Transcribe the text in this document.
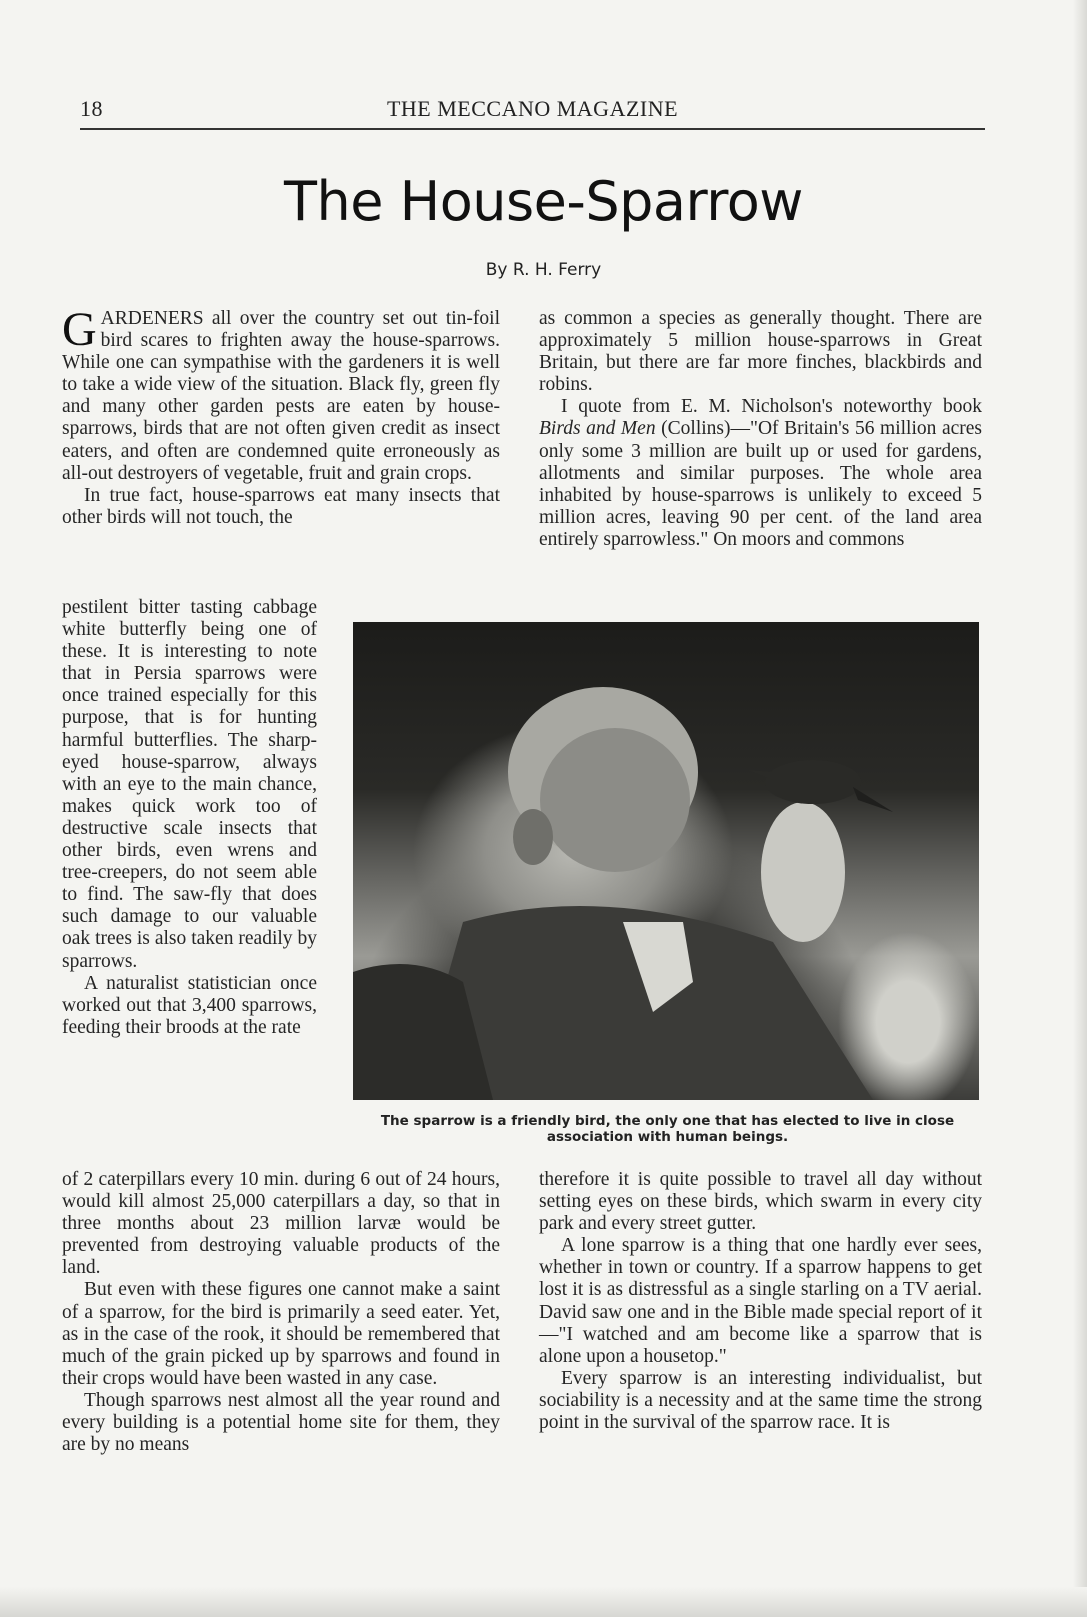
18	THE MECCANO MAGAZINE
The House-Sparrow
By R. H. Ferry

GARDENERS all over the country set out tin-foil bird scares to frighten away the house-sparrows. While one can sympathise with the gardeners it is well to take a wide view of the situation. Black fly, green fly and many other garden pests are eaten by house-sparrows, birds that are not often given credit as insect eaters, and often are condemned quite erroneously as all-out destroyers of vegetable, fruit and grain crops.

In true fact, house-sparrows eat many insects that other birds will not touch, the

pestilent bitter tasting cabbage white butterfly being one of these. It is interesting to note that in Persia sparrows were once trained especially for this purpose, that is for hunting harmful butterflies. The sharp-eyed house-sparrow, always with an eye to the main chance, makes quick work too of destructive scale insects that other birds, even wrens and tree-creepers, do not seem able to find. The saw-fly that does such damage to our valuable oak trees is also taken readily by sparrows.

A naturalist statistician once worked out that 3,400 sparrows, feeding their broods at the rate

of 2 caterpillars every 10 min. during 6 out of 24 hours, would kill almost 25,000 caterpillars a day, so that in three months about 23 million larvæ would be prevented from destroying valuable products of the land.

But even with these figures one cannot make a saint of a sparrow, for the bird is primarily a seed eater. Yet, as in the case of the rook, it should be remembered that much of the grain picked up by sparrows and found in their crops would have been wasted in any case.

Though sparrows nest almost all the year round and every building is a potential home site for them, they are by no means

as common a species as generally thought. There are approximately 5 million house-sparrows in Great Britain, but there are far more finches, blackbirds and robins.

I quote from E. M. Nicholson's noteworthy book Birds and Men (Collins)—"Of Britain's 56 million acres only some 3 million are built up or used for gardens, allotments and similar purposes. The whole area inhabited by house-sparrows is unlikely to exceed 5 million acres, leaving 90 per cent. of the land area entirely sparrowless." On moors and commons

The sparrow is a friendly bird, the only one that has elected to live in close association with human beings.

therefore it is quite possible to travel all day without setting eyes on these birds, which swarm in every city park and every street gutter.

A lone sparrow is a thing that one hardly ever sees, whether in town or country. If a sparrow happens to get lost it is as distressful as a single starling on a TV aerial. David saw one and in the Bible made special report of it—"I watched and am become like a sparrow that is alone upon a housetop."

Every sparrow is an interesting individualist, but sociability is a necessity and at the same time the strong point in the survival of the sparrow race. It is
